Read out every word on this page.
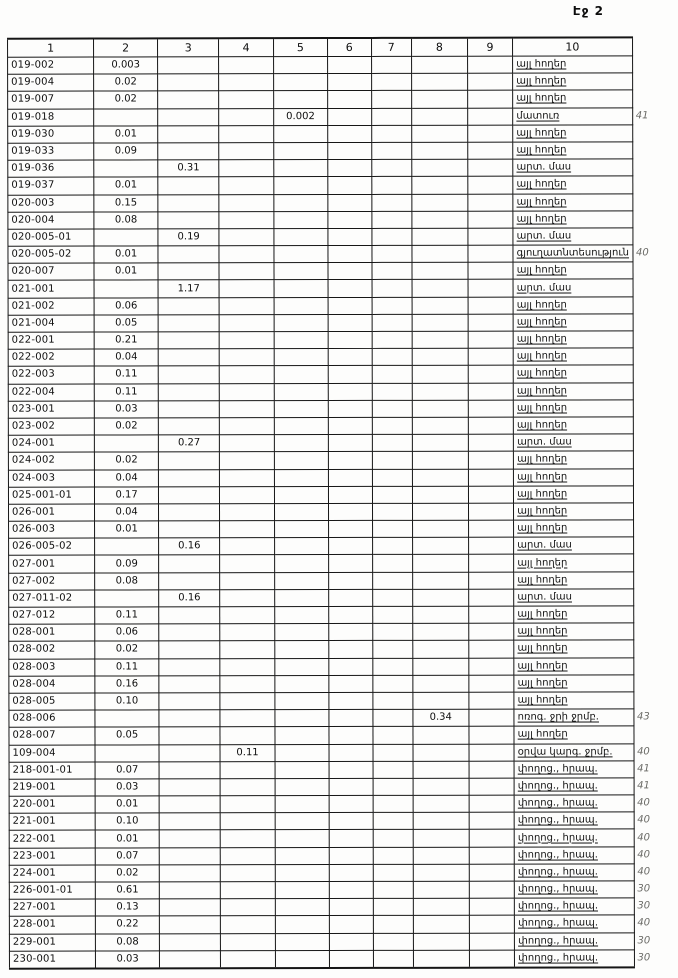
Էջ 2
1	2	3	4	5	6	7	8	9	10	
019-002	0.003								այլ հողեր	
019-004	0.02								այլ հողեր	
019-007	0.02								այլ հողեր	
019-018				0.002					մատուռ	41
019-030	0.01								այլ հողեր	
019-033	0.09								այլ հողեր	
019-036		0.31							արտ. մաս	
019-037	0.01								այլ հողեր	
020-003	0.15								այլ հողեր	
020-004	0.08								այլ հողեր	
020-005-01		0.19							արտ. մաս	
020-005-02	0.01								գյուղատնտեսություն	40
020-007	0.01								այլ հողեր	
021-001		1.17							արտ. մաս	
021-002	0.06								այլ հողեր	
021-004	0.05								այլ հողեր	
022-001	0.21								այլ հողեր	
022-002	0.04								այլ հողեր	
022-003	0.11								այլ հողեր	
022-004	0.11								այլ հողեր	
023-001	0.03								այլ հողեր	
023-002	0.02								այլ հողեր	
024-001		0.27							արտ. մաս	
024-002	0.02								այլ հողեր	
024-003	0.04								այլ հողեր	
025-001-01	0.17								այլ հողեր	
026-001	0.04								այլ հողեր	
026-003	0.01								այլ հողեր	
026-005-02		0.16							արտ. մաս	
027-001	0.09								այլ հողեր	
027-002	0.08								այլ հողեր	
027-011-02		0.16							արտ. մաս	
027-012	0.11								այլ հողեր	
028-001	0.06								այլ հողեր	
028-002	0.02								այլ հողեր	
028-003	0.11								այլ հողեր	
028-004	0.16								այլ հողեր	
028-005	0.10								այլ հողեր	
028-006							0.34		ոռոգ. ջրի ջրմբ.	43
028-007	0.05								այլ հողեր	
109-004			0.11						օրվա կարգ. ջրմբ.	40
218-001-01	0.07								փողոց., հրապ.	41
219-001	0.03								փողոց., հրապ.	41
220-001	0.01								փողոց., հրապ.	40
221-001	0.10								փողոց., հրապ.	40
222-001	0.01								փողոց., հրապ.	40
223-001	0.07								փողոց., հրապ.	40
224-001	0.02								փողոց., հրապ.	40
226-001-01	0.61								փողոց., հրապ.	30
227-001	0.13								փողոց., հրապ.	30
228-001	0.22								փողոց., հրապ.	40
229-001	0.08								փողոց., հրապ.	30
230-001	0.03								փողոց., հրապ.	30
